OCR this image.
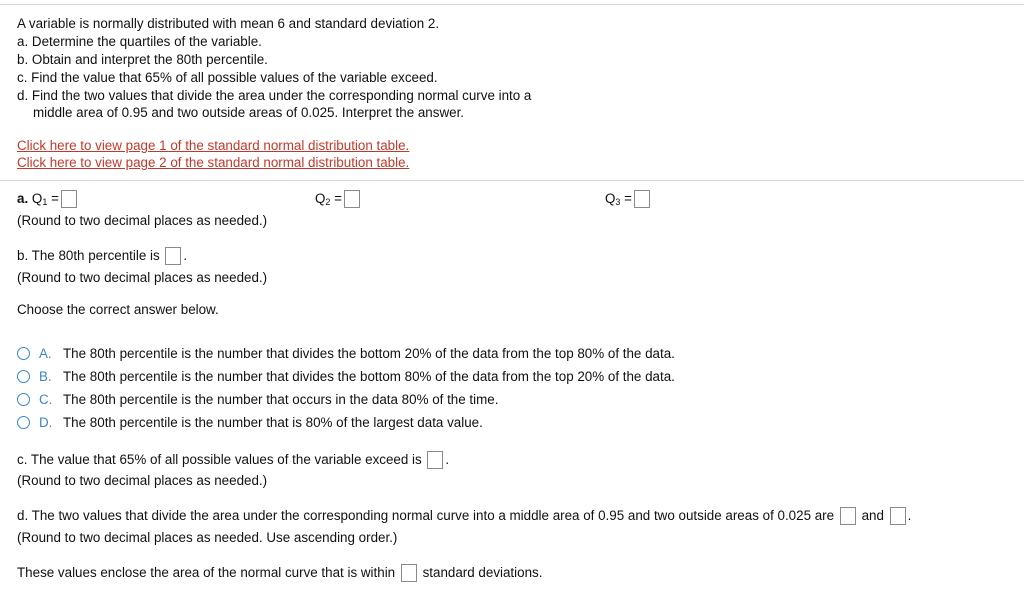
A variable is normally distributed with mean 6 and standard deviation 2.
a. Determine the quartiles of the variable.
b. Obtain and interpret the 80th percentile.
c. Find the value that 65% of all possible values of the variable exceed.
d. Find the two values that divide the area under the corresponding normal curve into a
middle area of 0.95 and two outside areas of 0.025. Interpret the answer.
Click here to view page 1 of the standard normal distribution table.
Click here to view page 2 of the standard normal distribution table.
a. $Q_1$ =	$Q_2$ =	$Q_3$ =
(Round to two decimal places as needed.)
b. The 80th percentile is .
(Round to two decimal places as needed.)
Choose the correct answer below.
A. The 80th percentile is the number that divides the bottom 20% of the data from the top 80% of the data.
B. The 80th percentile is the number that divides the bottom 80% of the data from the top 20% of the data.
C. The 80th percentile is the number that occurs in the data 80% of the time.
D. The 80th percentile is the number that is 80% of the largest data value.
c. The value that 65% of all possible values of the variable exceed is .
(Round to two decimal places as needed.)
d. The two values that divide the area under the corresponding normal curve into a middle area of 0.95 and two outside areas of 0.025 are and .
(Round to two decimal places as needed. Use ascending order.)
These values enclose the area of the normal curve that is within standard deviations.
